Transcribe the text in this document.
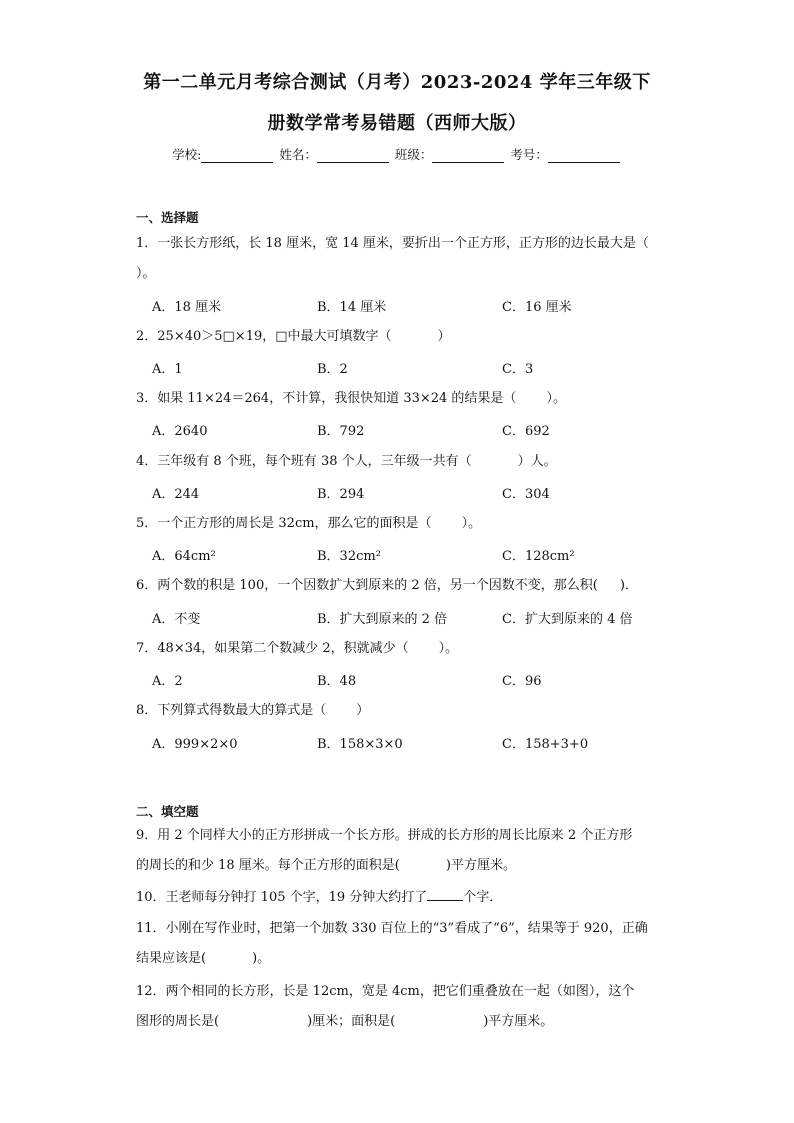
第一二单元月考综合测试（月考）2023-2024 学年三年级下
册数学常考易错题（西师大版）
学校:	姓名：	班级：	考号：
一、选择题
1．一张长方形纸，长 18 厘米，宽 14 厘米，要折出一个正方形，正方形的边长最大是（
）。
A．18 厘米	B．14 厘米	C．16 厘米
2．25×40＞5□×19，□中最大可填数字（	）
A．1	B．2	C．3
3．如果 11×24＝264，不计算，我很快知道 33×24 的结果是（ ）。
A．2640	B．792	C．692
4．三年级有 8 个班，每个班有 38 个人，三年级一共有（	）人。
A．244	B．294	C．304
5．一个正方形的周长是 32cm，那么它的面积是（ ）。
A．64cm²	B．32cm²	C．128cm²
6．两个数的积是 100，一个因数扩大到原来的 2 倍，另一个因数不变，那么积( )．
A．不变	B．扩大到原来的 2 倍	C．扩大到原来的 4 倍
7．48×34，如果第二个数减少 2，积就减少（ ）。
A．2	B．48	C．96
8．下列算式得数最大的算式是（ ）
A．999×2×0	B．158×3×0	C．158+3+0
二、填空题
9．用 2 个同样大小的正方形拼成一个长方形。拼成的长方形的周长比原来 2 个正方形
的周长的和少 18 厘米。每个正方形的面积是(	)平方厘米。
10．王老师每分钟打 105 个字，19 分钟大约打了	个字．
11．小刚在写作业时，把第一个加数 330 百位上的“3”看成了“6”，结果等于 920，正确
结果应该是(	)。
12．两个相同的长方形，长是 12cm，宽是 4cm，把它们重叠放在一起（如图），这个
图形的周长是(	)厘米；面积是(	)平方厘米。
